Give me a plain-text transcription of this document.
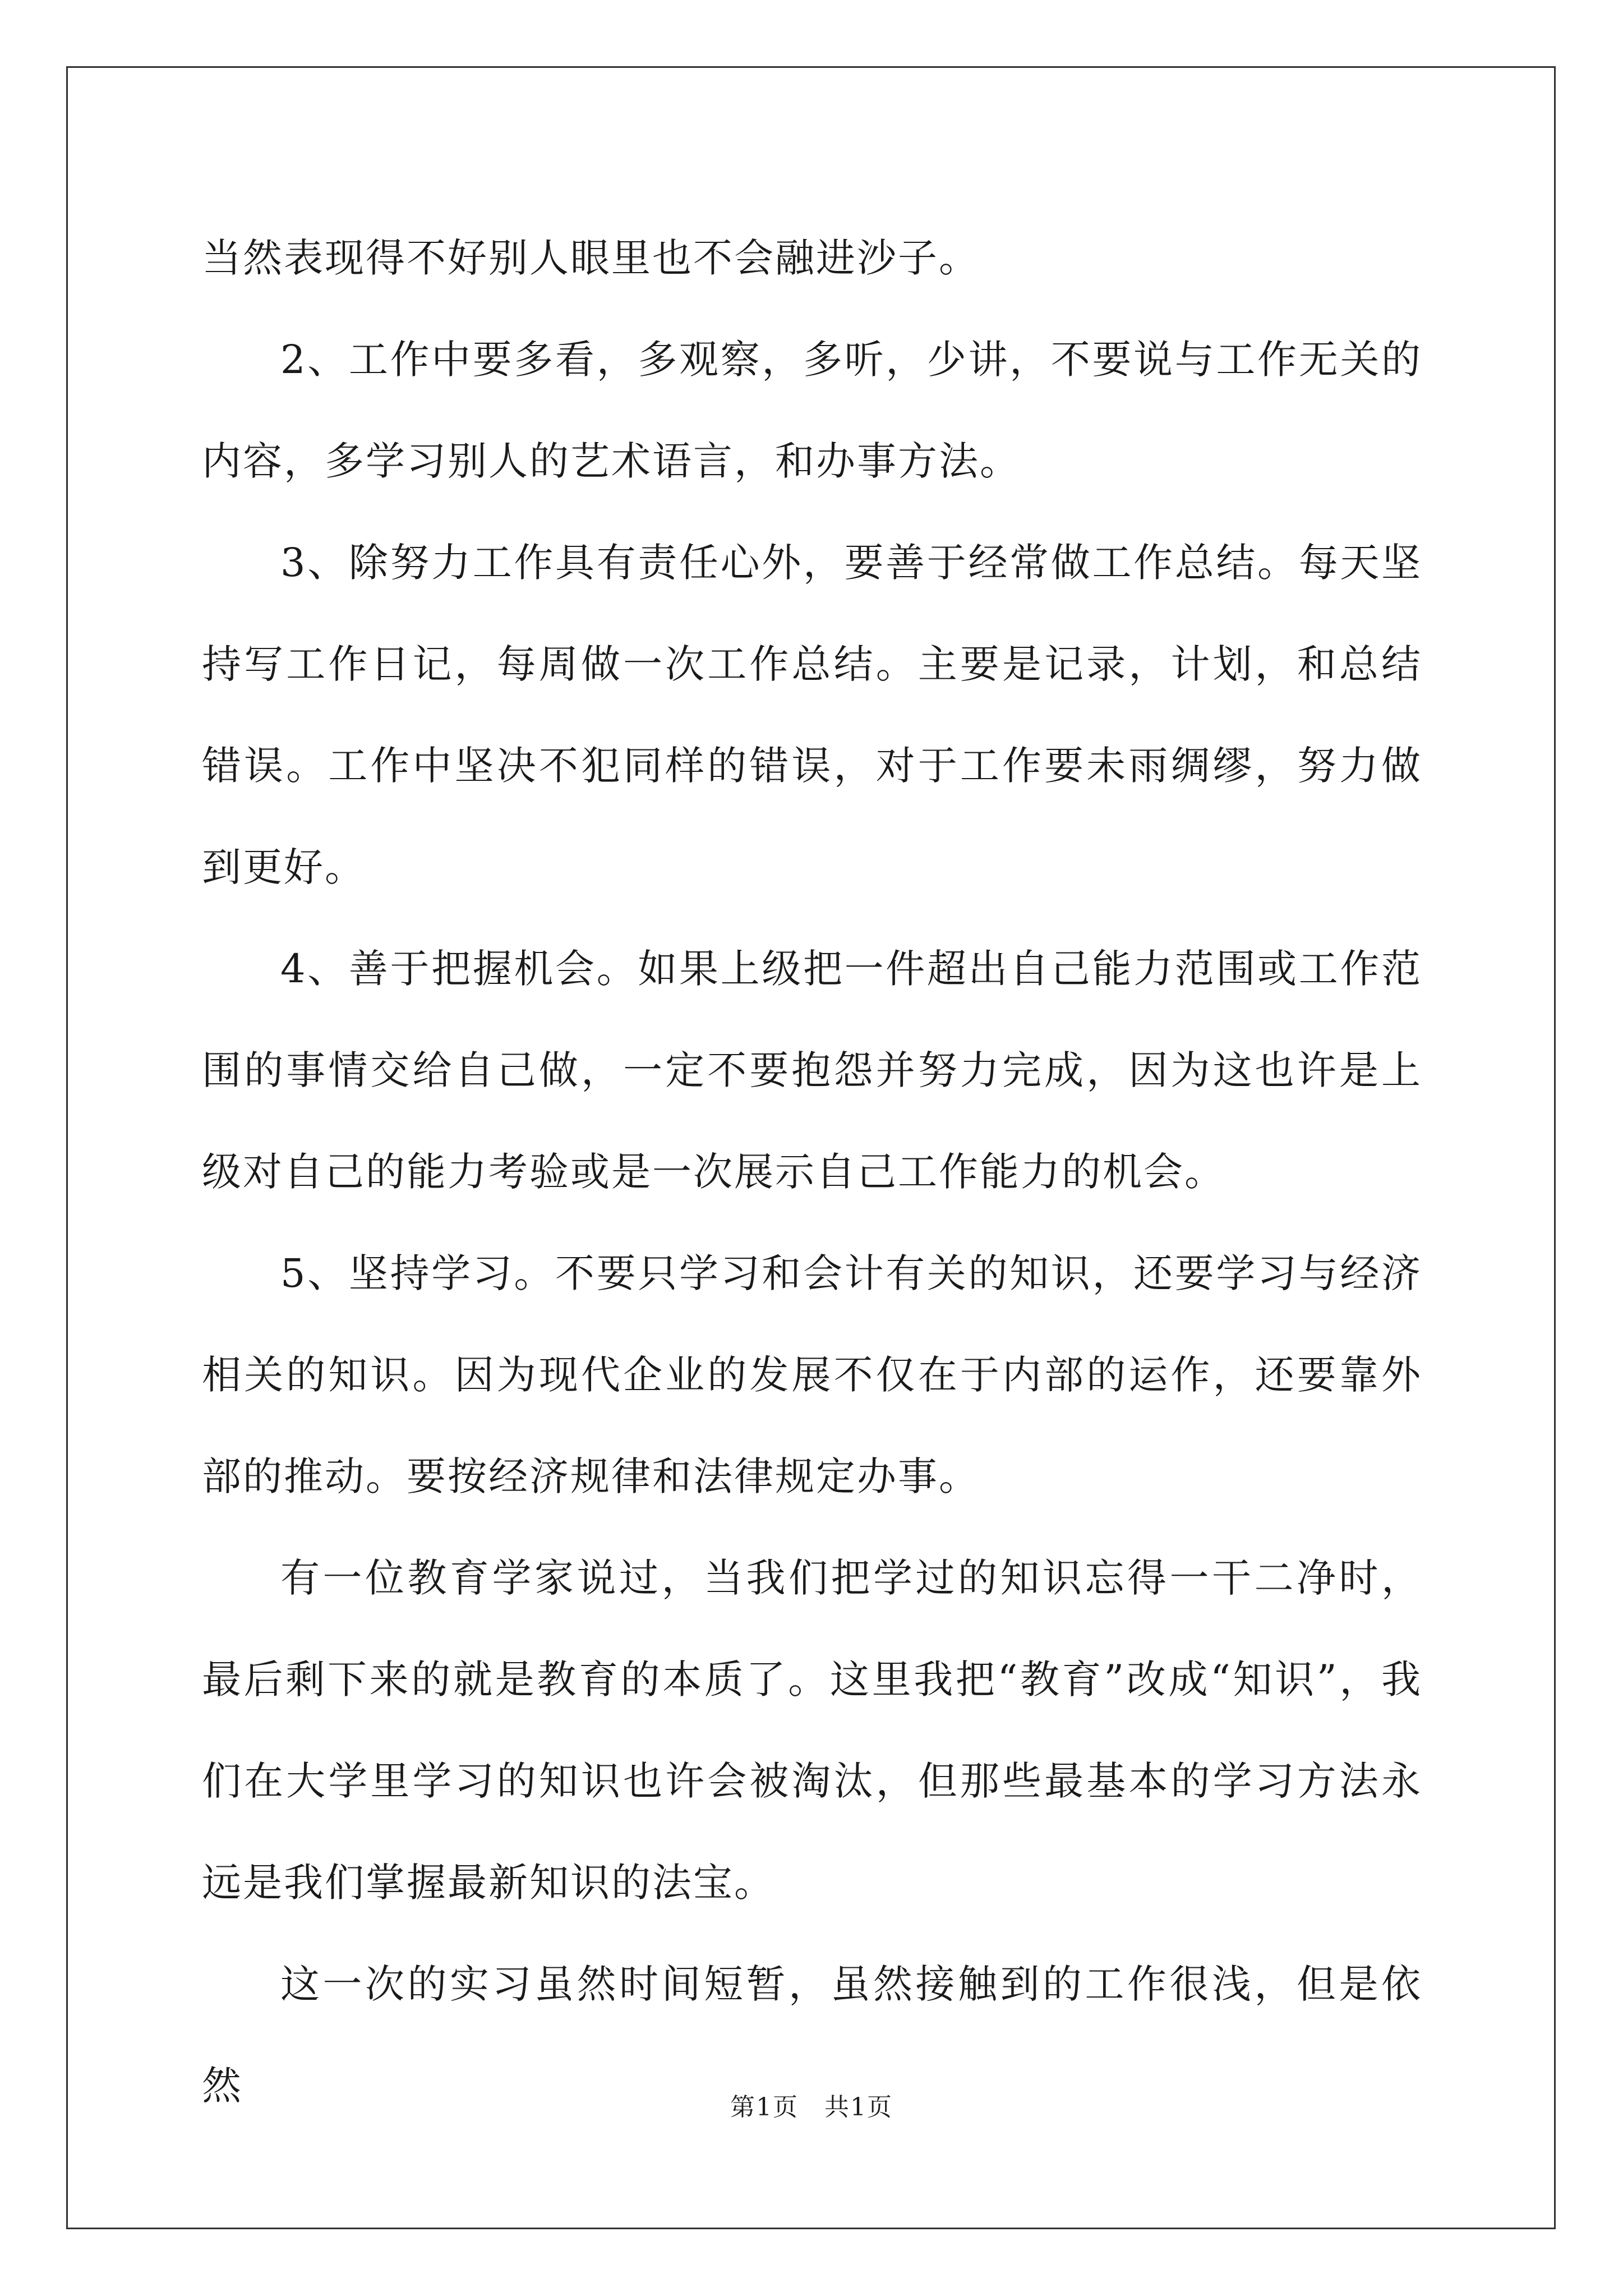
当然表现得不好别人眼里也不会融进沙子。

2、工作中要多看，多观察，多听，少讲，不要说与工作无关的内容，多学习别人的艺术语言，和办事方法。

3、除努力工作具有责任心外，要善于经常做工作总结。每天坚持写工作日记，每周做一次工作总结。主要是记录，计划，和总结错误。工作中坚决不犯同样的错误，对于工作要未雨绸缪，努力做到更好。

4、善于把握机会。如果上级把一件超出自己能力范围或工作范围的事情交给自己做，一定不要抱怨并努力完成，因为这也许是上级对自己的能力考验或是一次展示自己工作能力的机会。

5、坚持学习。不要只学习和会计有关的知识，还要学习与经济相关的知识。因为现代企业的发展不仅在于内部的运作，还要靠外部的推动。要按经济规律和法律规定办事。

有一位教育学家说过，当我们把学过的知识忘得一干二净时，最后剩下来的就是教育的本质了。这里我把“教育”改成“知识”，我们在大学里学习的知识也许会被淘汰，但那些最基本的学习方法永远是我们掌握最新知识的法宝。

这一次的实习虽然时间短暂，虽然接触到的工作很浅，但是依然	第1页　共1页
